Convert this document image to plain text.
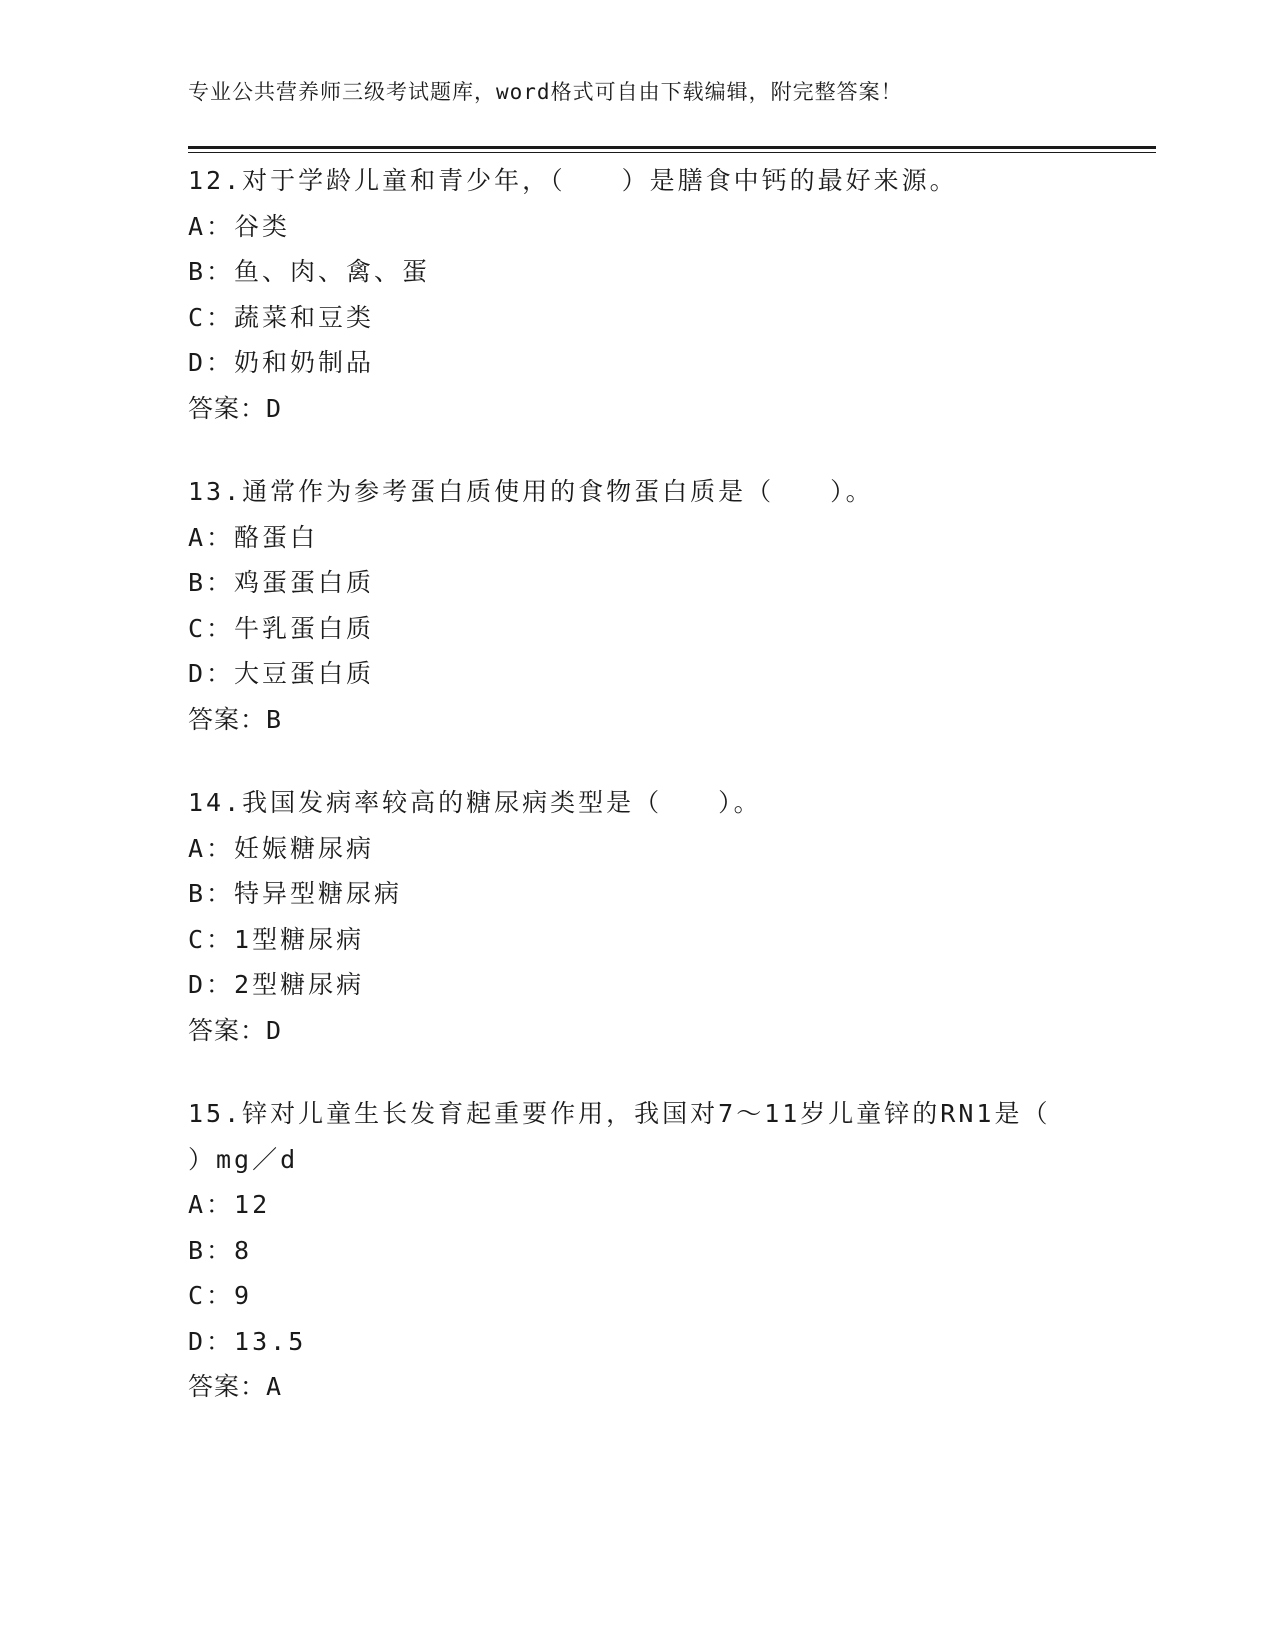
专业公共营养师三级考试题库，word格式可自由下载编辑，附完整答案！
12.对于学龄儿童和青少年，（　　）是膳食中钙的最好来源。
A：谷类
B：鱼、肉、禽、蛋
C：蔬菜和豆类
D：奶和奶制品
答案：D
13.通常作为参考蛋白质使用的食物蛋白质是（　　）。
A：酪蛋白
B：鸡蛋蛋白质
C：牛乳蛋白质
D：大豆蛋白质
答案：B
14.我国发病率较高的糖尿病类型是（　　）。
A：妊娠糖尿病
B：特异型糖尿病
C：1型糖尿病
D：2型糖尿病
答案：D
15.锌对儿童生长发育起重要作用，我国对7～11岁儿童锌的RN1是（
）mg／d
A：12
B：8
C：9
D：13.5
答案：A
